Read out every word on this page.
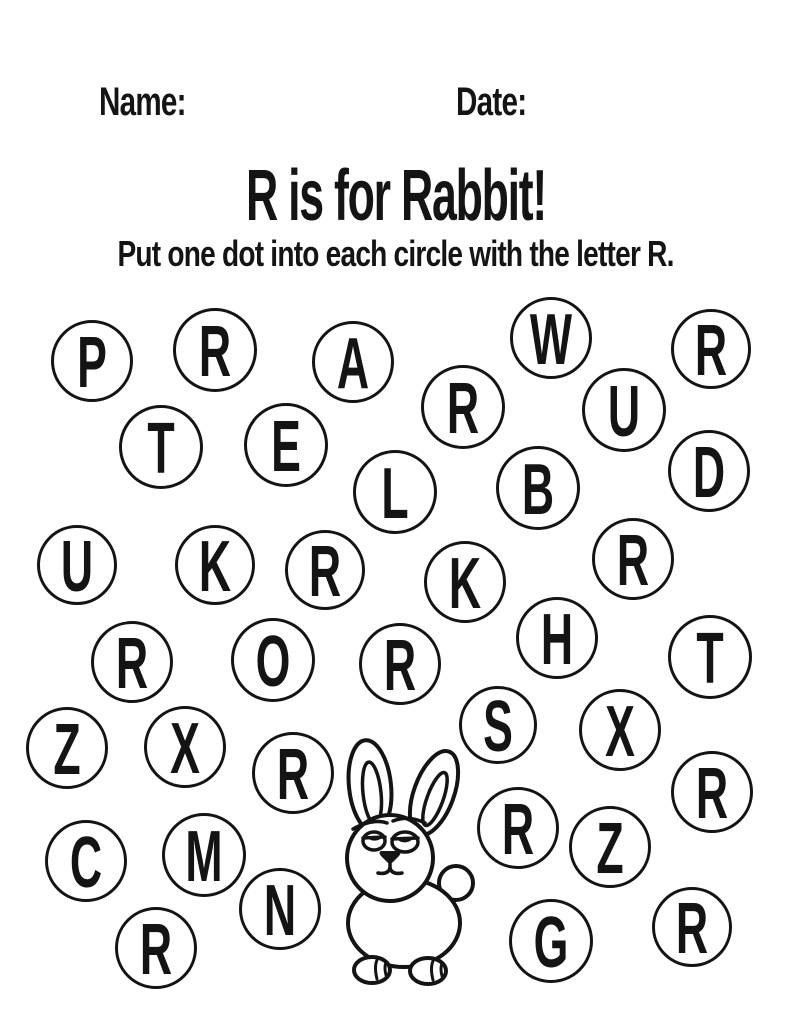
Name:	Date:
R is for Rabbit!
Put one dot into each circle with the letter R.
P R A W R
T E R U
D
L B
U K R K R
H
R O R	T
Z X	S X
R	R
R Z
C M
N
R	G R
